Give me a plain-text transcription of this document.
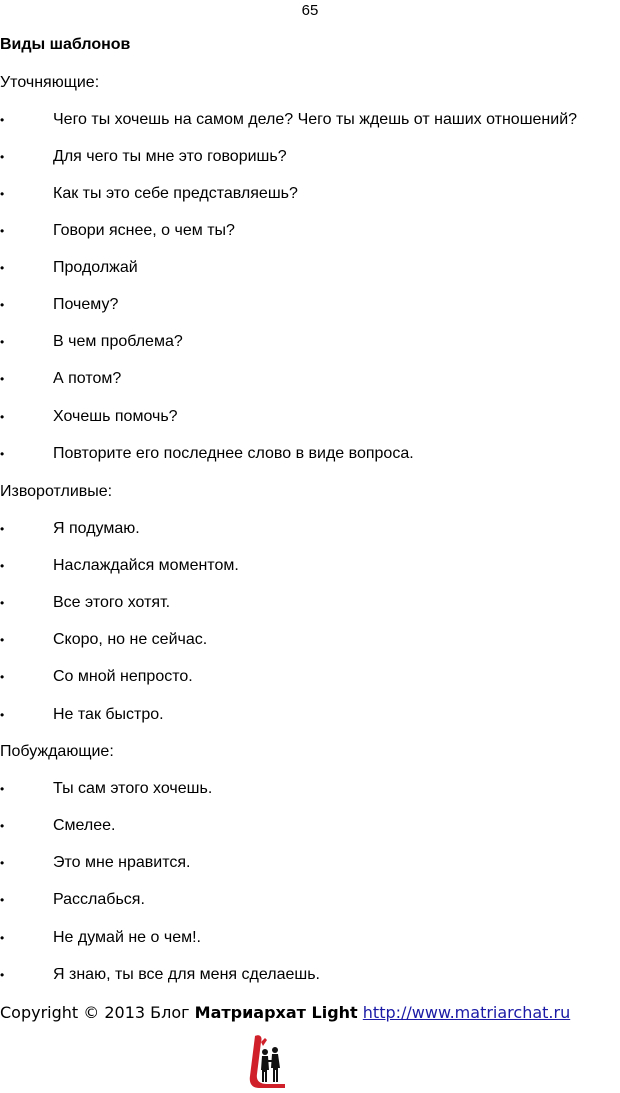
65
Виды шаблонов
Уточняющие:
•	Чего ты хочешь на самом деле? Чего ты ждешь от наших отношений?
•	Для чего ты мне это говоришь?
•	Как ты это себе представляешь?
•	Говори яснее, о чем ты?
•	Продолжай
•	Почему?
•	В чем проблема?
•	А потом?
•	Хочешь помочь?
•	Повторите его последнее слово в виде вопроса.
Изворотливые:
•	Я подумаю.
•	Наслаждайся моментом.
•	Все этого хотят.
•	Скоро, но не сейчас.
•	Со мной непросто.
•	Не так быстро.
Побуждающие:
•	Ты сам этого хочешь.
•	Смелее.
•	Это мне нравится.
•	Расслабься.
•	Не думай не о чем!.
•	Я знаю, ты все для меня сделаешь.
Copyright © 2013 Блог Матриархат Light http://www.matriarchat.ru
